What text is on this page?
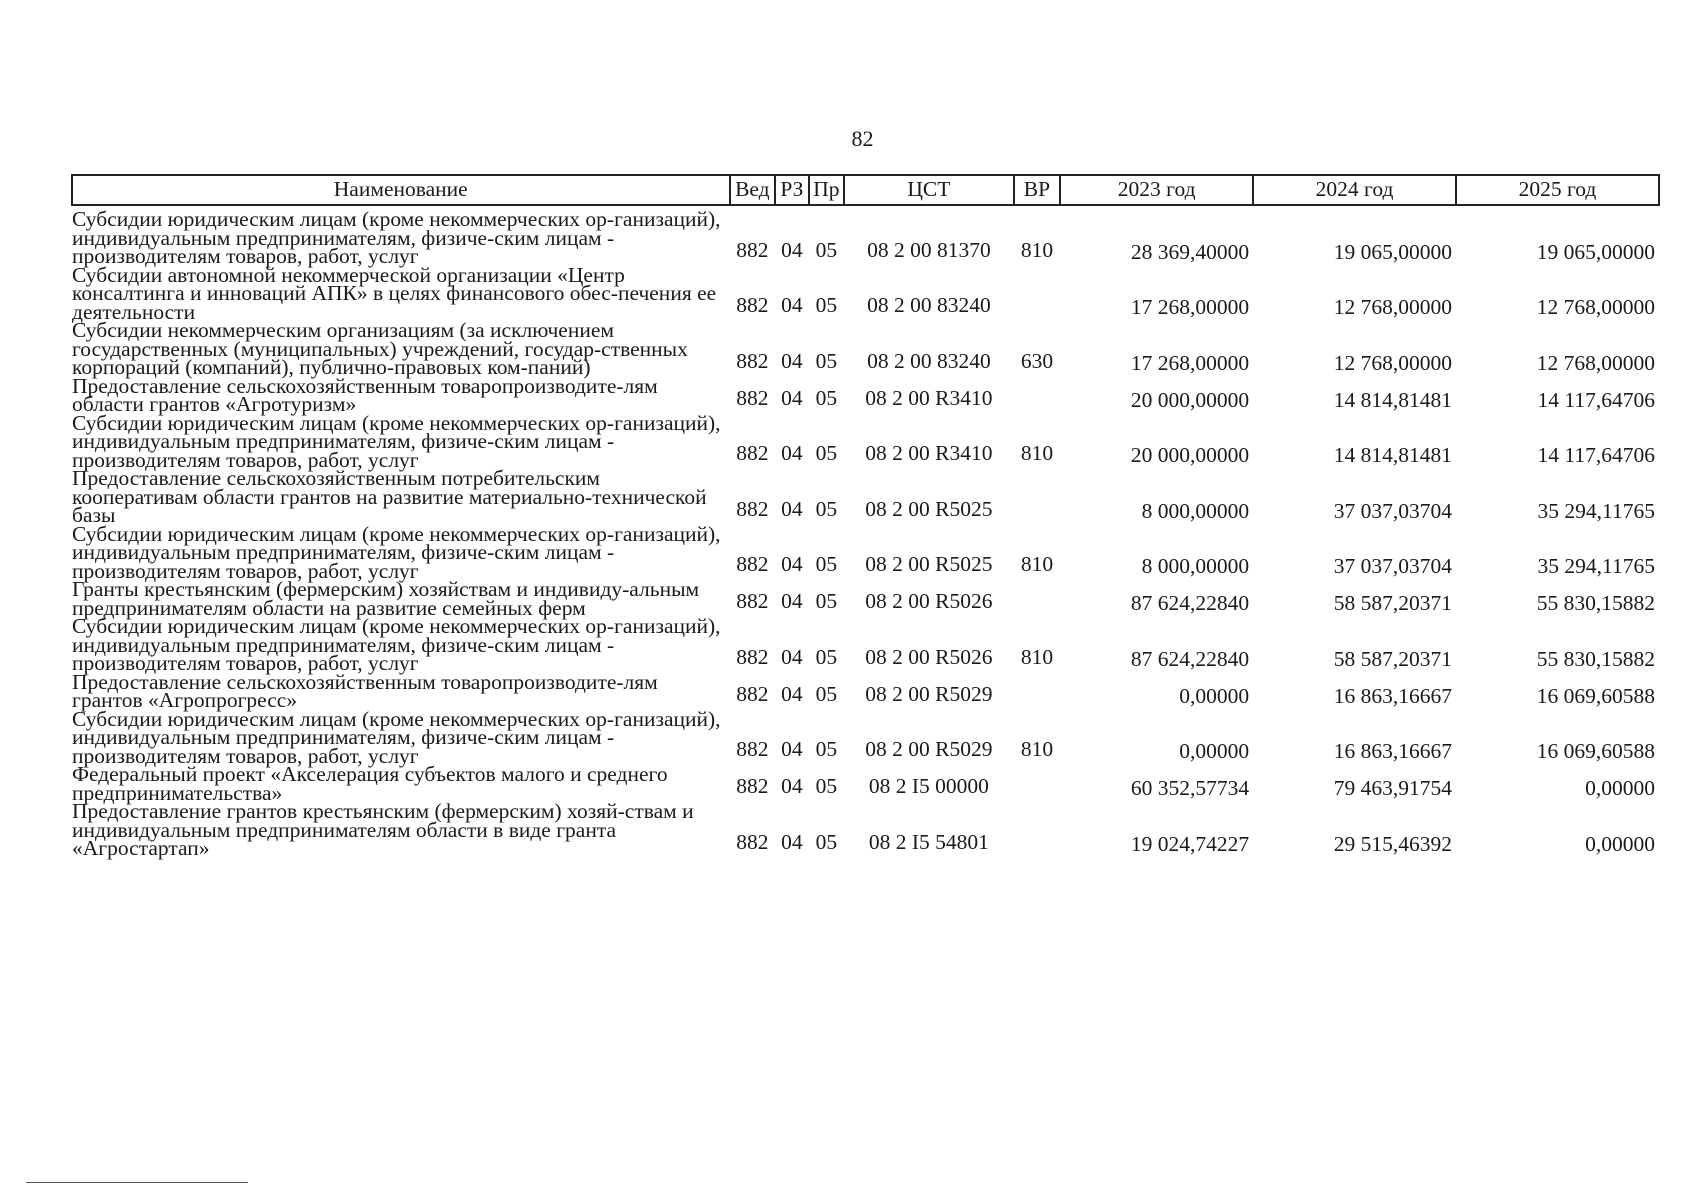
82
Наименование	Вед	РЗ	Пр	ЦСТ	ВР	2023 год	2024 год	2025 год
Субсидии юридическим лицам (кроме некоммерческих ор-ганизаций), индивидуальным предпринимателям, физиче-ским лицам - производителям товаров, работ, услуг	882	04	05	08 2 00 81370	810	28 369,40000	19 065,00000	19 065,00000
Субсидии автономной некоммерческой организации «Центр консалтинга и инноваций АПК» в целях финансового обес-печения ее деятельности	882	04	05	08 2 00 83240		17 268,00000	12 768,00000	12 768,00000
Субсидии некоммерческим организациям (за исключением государственных (муниципальных) учреждений, государ-ственных корпораций (компаний), публично-правовых ком-паний)	882	04	05	08 2 00 83240	630	17 268,00000	12 768,00000	12 768,00000
Предоставление сельскохозяйственным товаропроизводите-лям области грантов «Агротуризм»	882	04	05	08 2 00 R3410		20 000,00000	14 814,81481	14 117,64706
Субсидии юридическим лицам (кроме некоммерческих ор-ганизаций), индивидуальным предпринимателям, физиче-ским лицам - производителям товаров, работ, услуг	882	04	05	08 2 00 R3410	810	20 000,00000	14 814,81481	14 117,64706
Предоставление сельскохозяйственным потребительским кооперативам области грантов на развитие материально-технической базы	882	04	05	08 2 00 R5025		8 000,00000	37 037,03704	35 294,11765
Субсидии юридическим лицам (кроме некоммерческих ор-ганизаций), индивидуальным предпринимателям, физиче-ским лицам - производителям товаров, работ, услуг	882	04	05	08 2 00 R5025	810	8 000,00000	37 037,03704	35 294,11765
Гранты крестьянским (фермерским) хозяйствам и индивиду-альным предпринимателям области на развитие семейных ферм	882	04	05	08 2 00 R5026		87 624,22840	58 587,20371	55 830,15882
Субсидии юридическим лицам (кроме некоммерческих ор-ганизаций), индивидуальным предпринимателям, физиче-ским лицам - производителям товаров, работ, услуг	882	04	05	08 2 00 R5026	810	87 624,22840	58 587,20371	55 830,15882
Предоставление сельскохозяйственным товаропроизводите-лям грантов «Агропрогресс»	882	04	05	08 2 00 R5029		0,00000	16 863,16667	16 069,60588
Субсидии юридическим лицам (кроме некоммерческих ор-ганизаций), индивидуальным предпринимателям, физиче-ским лицам - производителям товаров, работ, услуг	882	04	05	08 2 00 R5029	810	0,00000	16 863,16667	16 069,60588
Федеральный проект «Акселерация субъектов малого и среднего предпринимательства»	882	04	05	08 2 I5 00000		60 352,57734	79 463,91754	0,00000
Предоставление грантов крестьянским (фермерским) хозяй-ствам и индивидуальным предпринимателям области в виде гранта «Агростартап»	882	04	05	08 2 I5 54801		19 024,74227	29 515,46392	0,00000
